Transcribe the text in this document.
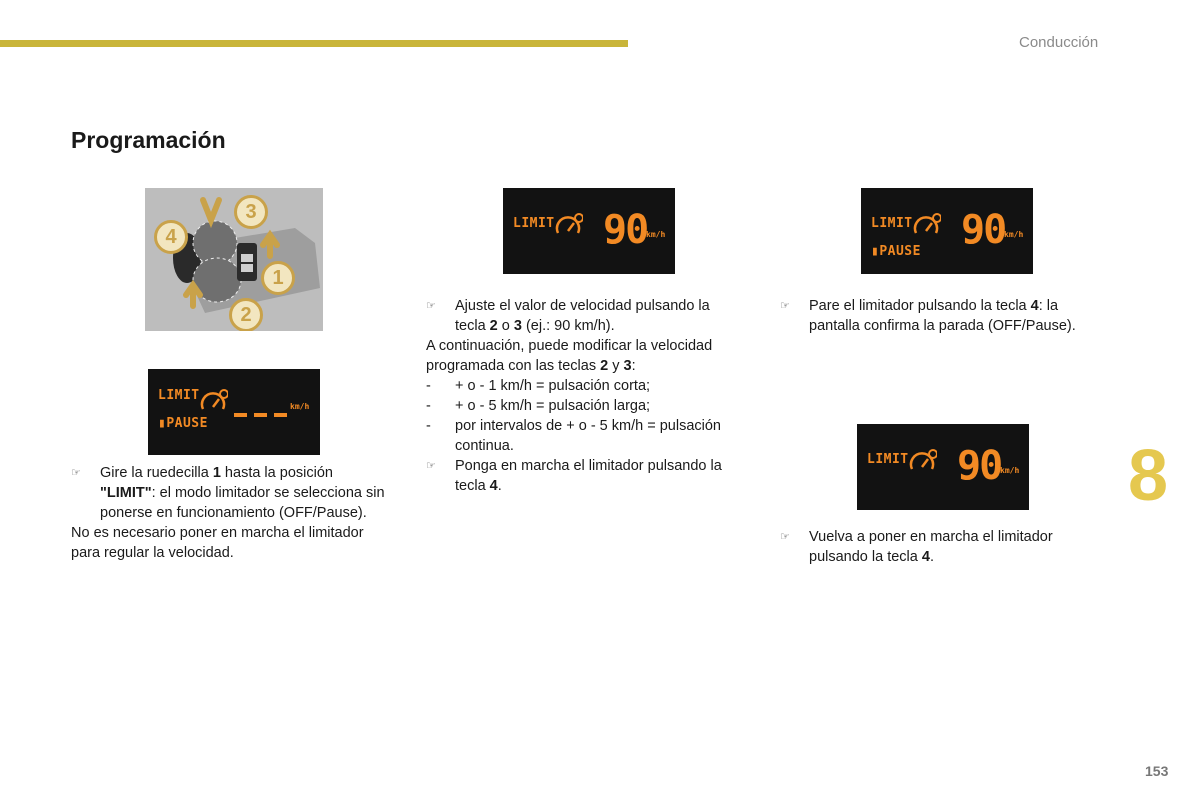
Conducción
Programación
1
2
3
4
LIMIT
▮PAUSE
km/h
LIMIT 90
km/h
LIMIT
▮PAUSE 90
km/h
LIMIT 90
km/h

☞	Gire la ruedecilla 1 hasta la posición "LIMIT": el modo limitador se selecciona sin ponerse en funcionamiento (OFF/Pause).

No es necesario poner en marcha el limitador para regular la velocidad.

☞	Ajuste el valor de velocidad pulsando la tecla 2 o 3 (ej.: 90 km/h).

A continuación, puede modificar la velocidad programada con las teclas 2 y 3:

- + o - 1 km/h = pulsación corta;

- + o - 5 km/h = pulsación larga;

- por intervalos de + o - 5 km/h = pulsación continua.

☞	Ponga en marcha el limitador pulsando la tecla 4.

☞	Pare el limitador pulsando la tecla 4: la pantalla confirma la parada (OFF/Pause).

☞	Vuelva a poner en marcha el limitador pulsando la tecla 4.

8
153
